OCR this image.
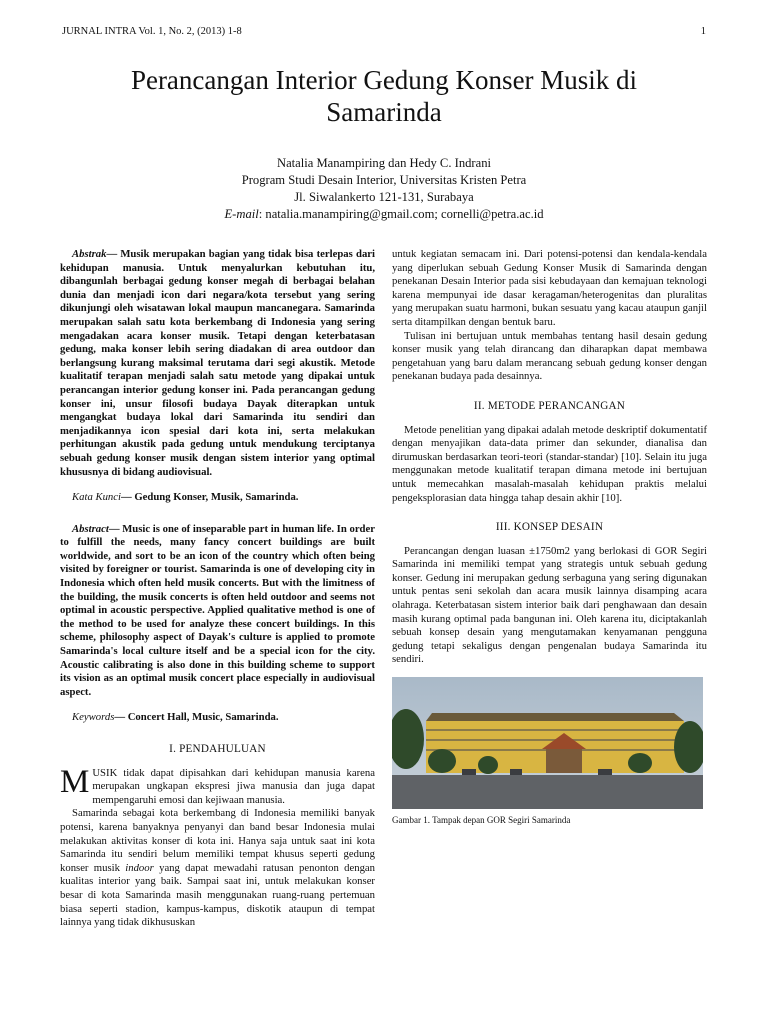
JURNAL INTRA Vol. 1, No. 2, (2013) 1-8	1
Perancangan Interior Gedung Konser Musik di
Samarinda
Natalia Manampiring dan Hedy C. Indrani
Program Studi Desain Interior, Universitas Kristen Petra
Jl. Siwalankerto 121-131, Surabaya
E-mail: natalia.manampiring@gmail.com; cornelli@petra.ac.id

Abstrak— Musik merupakan bagian yang tidak bisa terlepas dari kehidupan manusia. Untuk menyalurkan kebutuhan itu, dibangunlah berbagai gedung konser megah di berbagai belahan dunia dan menjadi icon dari negara/kota tersebut yang sering dikunjungi oleh wisatawan lokal maupun mancanegara. Samarinda merupakan salah satu kota berkembang di Indonesia yang sering mengadakan acara konser musik. Tetapi dengan keterbatasan gedung, maka konser lebih sering diadakan di area outdoor dan berlangsung kurang maksimal terutama dari segi akustik. Metode kualitatif terapan menjadi salah satu metode yang dipakai untuk perancangan interior gedung konser ini. Pada perancangan gedung konser ini, unsur filosofi budaya Dayak diterapkan untuk mengangkat budaya lokal dari Samarinda itu sendiri dan menjadikannya icon spesial dari kota ini, serta melakukan perhitungan akustik pada gedung untuk mendukung terciptanya sebuah gedung konser musik dengan sistem interior yang optimal khususnya di bidang audiovisual.

Kata Kunci— Gedung Konser, Musik, Samarinda.

Abstract— Music is one of inseparable part in human life. In order to fulfill the needs, many fancy concert buildings are built worldwide, and sort to be an icon of the country which often being visited by foreigner or tourist. Samarinda is one of developing city in Indonesia which often held musik concerts. But with the limitness of the building, the musik concerts is often held outdoor and seems not optimal in acoustic perspective. Applied qualitative method is one of the method to be used for analyze these concert buildings. In this scheme, philosophy aspect of Dayak's culture is applied to promote Samarinda's local culture itself and be a special icon for the city. Acoustic calibrating is also done in this building scheme to support its vision as an optimal musik concert place especially in audiovisual aspect.

Keywords— Concert Hall, Music, Samarinda.

I. PENDAHULUAN

MUSIK tidak dapat dipisahkan dari kehidupan manusia karena merupakan ungkapan ekspresi jiwa manusia dan juga dapat mempengaruhi emosi dan kejiwaan manusia.

Samarinda sebagai kota berkembang di Indonesia memiliki banyak potensi, karena banyaknya penyanyi dan band besar Indonesia mulai melakukan aktivitas konser di kota ini. Hanya saja untuk saat ini kota Samarinda itu sendiri belum memiliki tempat khusus seperti gedung konser musik indoor yang dapat mewadahi ratusan penonton dengan kualitas interior yang baik. Sampai saat ini, untuk melakukan konser besar di kota Samarinda masih menggunakan ruang-ruang pertemuan biasa seperti stadion, kampus-kampus, diskotik ataupun di tempat lainnya yang tidak dikhususkan

untuk kegiatan semacam ini. Dari potensi-potensi dan kendala-kendala yang diperlukan sebuah Gedung Konser Musik di Samarinda dengan penekanan Desain Interior pada sisi kebudayaan dan kemajuan teknologi karena mempunyai ide dasar keragaman/heterogenitas dan pluralitas yang merupakan suatu harmoni, bukan sesuatu yang kacau ataupun ganjil serta ditampilkan dengan bentuk baru.

Tulisan ini bertujuan untuk membahas tentang hasil desain gedung konser musik yang telah dirancang dan diharapkan dapat membawa pengetahuan yang baru dalam merancang sebuah gedung konser dengan penekanan budaya pada desainnya.

II. METODE PERANCANGAN

Metode penelitian yang dipakai adalah metode deskriptif dokumentatif dengan menyajikan data-data primer dan sekunder, dianalisa dan dirumuskan berdasarkan teori-teori (standar-standar) [10]. Selain itu juga menggunakan metode kualitatif terapan dimana metode ini bertujuan untuk memecahkan masalah-masalah kehidupan praktis melalui pengeksplorasian data hingga tahap desain akhir [10].

III. KONSEP DESAIN

Perancangan dengan luasan ±1750m2 yang berlokasi di GOR Segiri Samarinda ini memiliki tempat yang strategis untuk sebuah gedung konser. Gedung ini merupakan gedung serbaguna yang sering digunakan untuk pentas seni sekolah dan acara musik lainnya disamping acara olahraga. Keterbatasan sistem interior baik dari penghawaan dan desain masih kurang optimal pada bangunan ini. Oleh karena itu, diciptakanlah sebuah konsep desain yang mengutamakan kenyamanan pengguna gedung tetapi sekaligus dengan pengenalan budaya Samarinda itu sendiri.

Gambar 1. Tampak depan GOR Segiri Samarinda
